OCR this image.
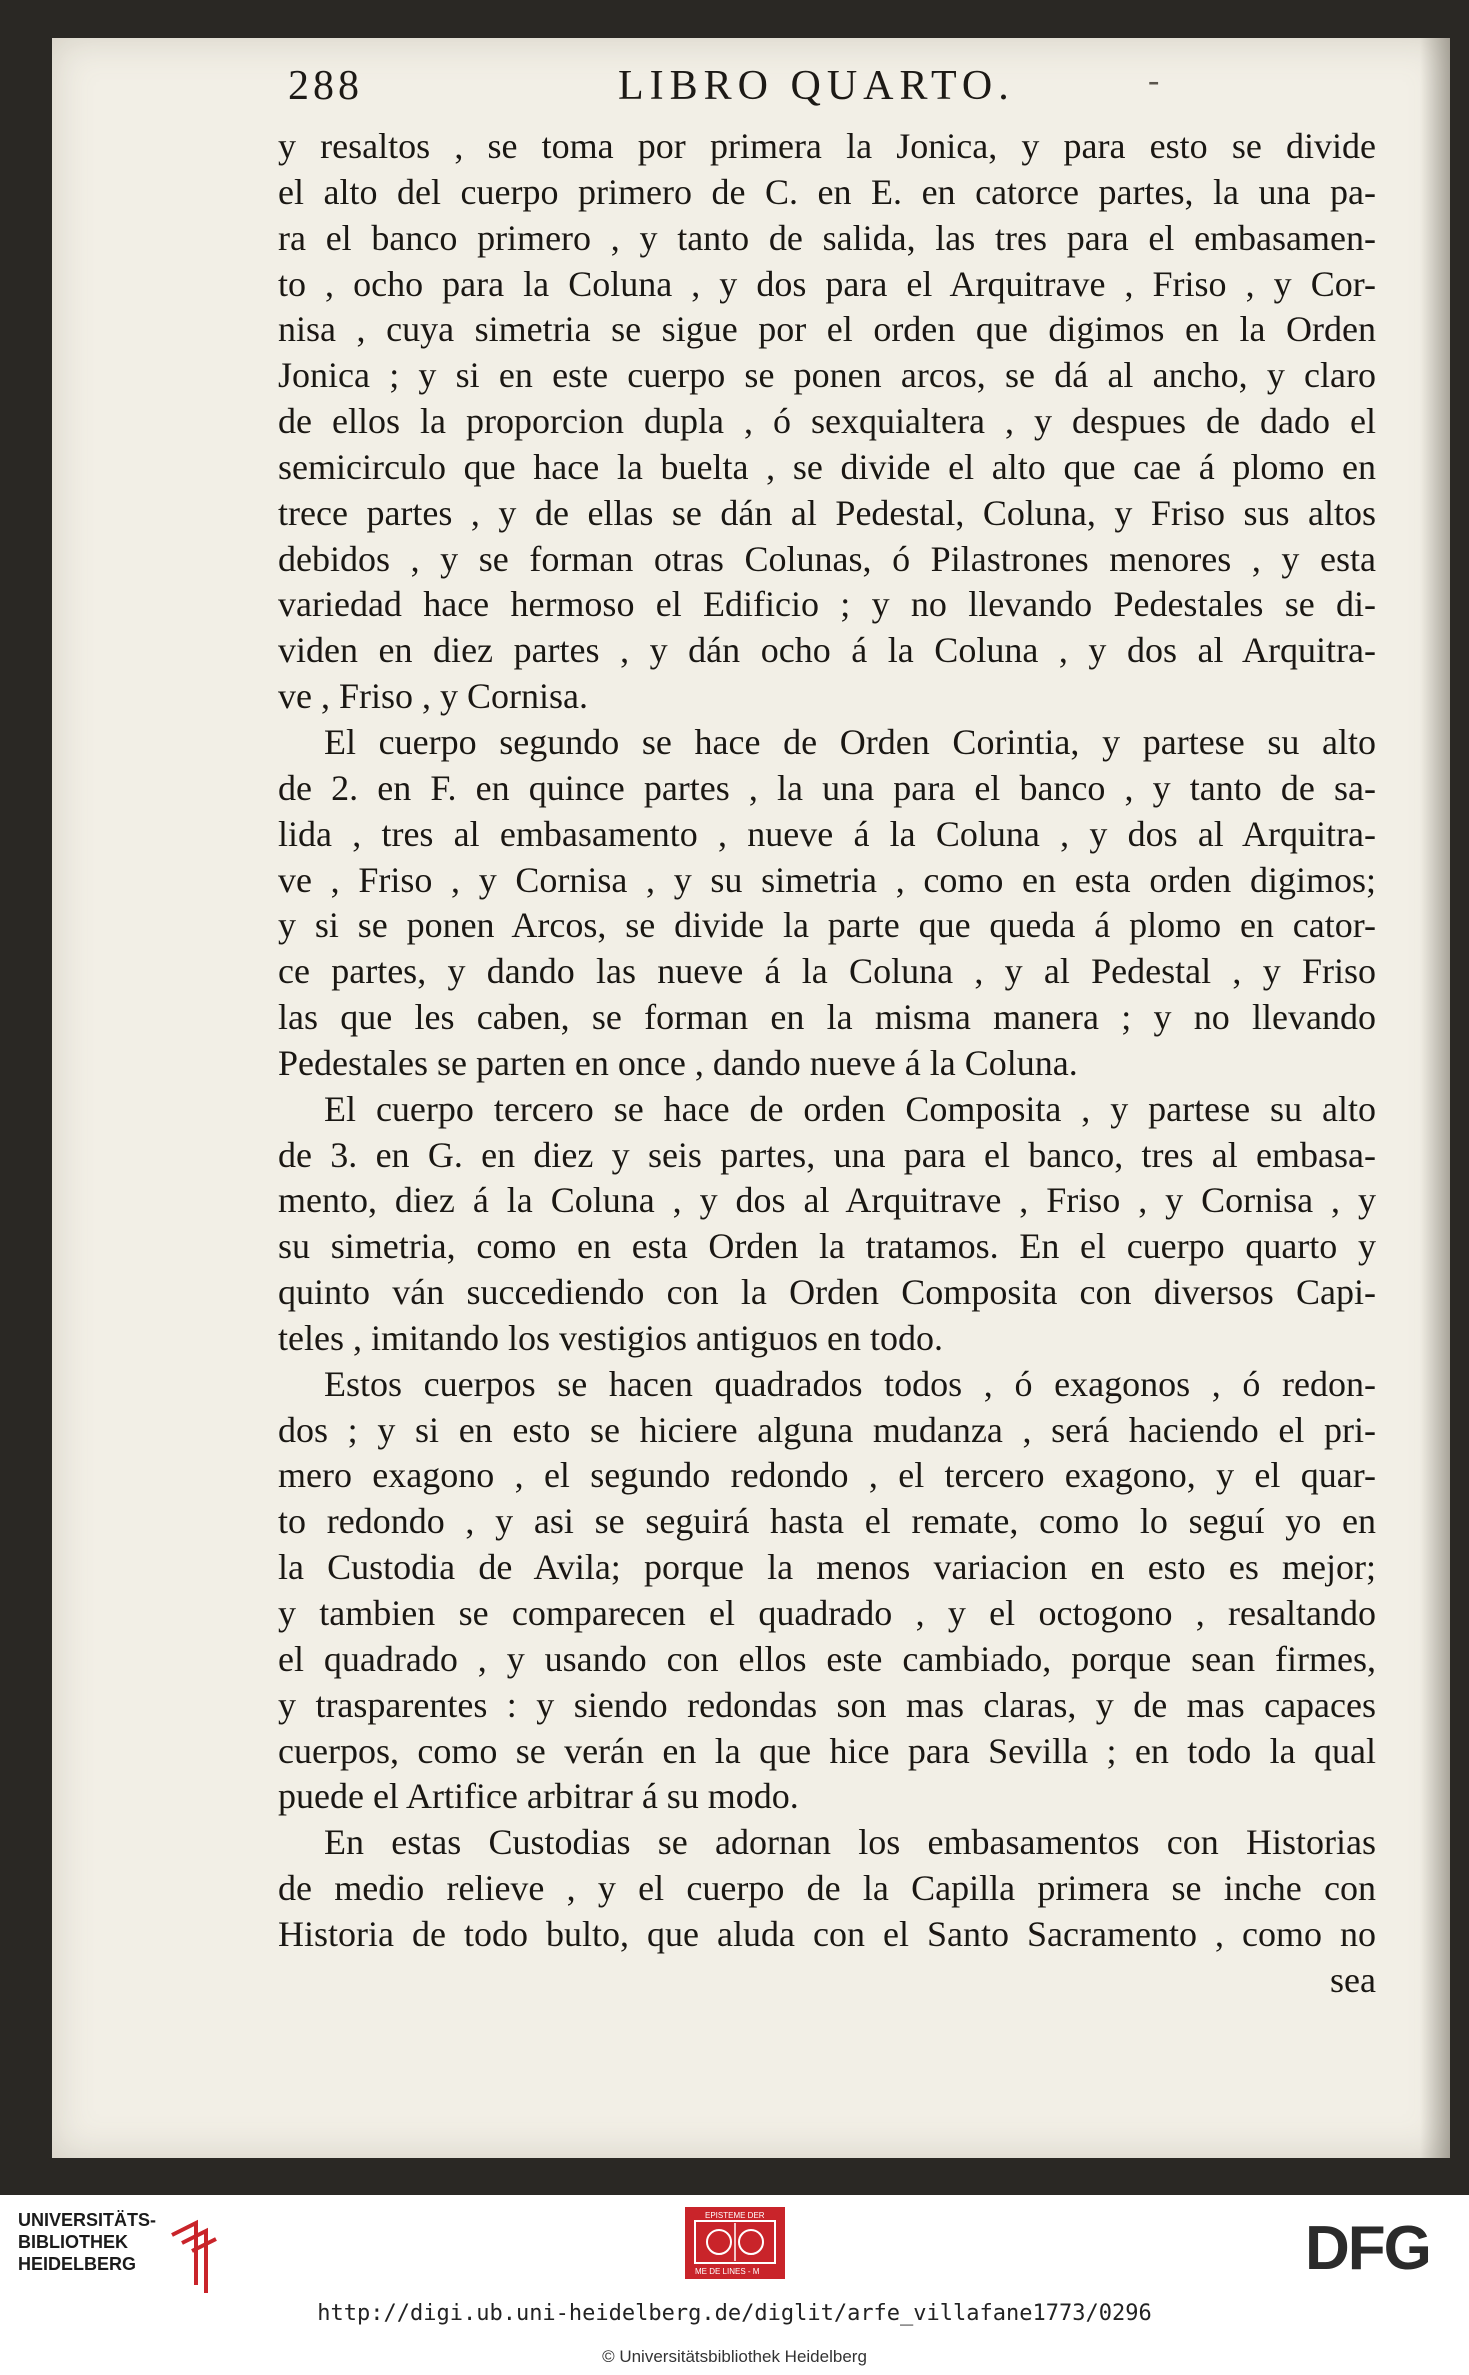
288	LIBRO QUARTO.	-
y resaltos , se toma por primera la Jonica, y para esto se divide
el alto del cuerpo primero de C. en E. en catorce partes, la una pa-
ra el banco primero , y tanto de salida, las tres para el embasamen-
to , ocho para la Coluna , y dos para el Arquitrave , Friso , y Cor-
nisa , cuya simetria se sigue por el orden que digimos en la Orden
Jonica ; y si en este cuerpo se ponen arcos, se dá al ancho, y claro
de ellos la proporcion dupla , ó sexquialtera , y despues de dado el
semicirculo que hace la buelta , se divide el alto que cae á plomo en
trece partes , y de ellas se dán al Pedestal, Coluna, y Friso sus altos
debidos , y se forman otras Colunas, ó Pilastrones menores , y esta
variedad hace hermoso el Edificio ; y no llevando Pedestales se di-
viden en diez partes , y dán ocho á la Coluna , y dos al Arquitra-
ve , Friso , y Cornisa.
El cuerpo segundo se hace de Orden Corintia, y partese su alto
de 2. en F. en quince partes , la una para el banco , y tanto de sa-
lida , tres al embasamento , nueve á la Coluna , y dos al Arquitra-
ve , Friso , y Cornisa , y su simetria , como en esta orden digimos;
y si se ponen Arcos, se divide la parte que queda á plomo en cator-
ce partes, y dando las nueve á la Coluna , y al Pedestal , y Friso
las que les caben, se forman en la misma manera ; y no llevando
Pedestales se parten en once , dando nueve á la Coluna.
El cuerpo tercero se hace de orden Composita , y partese su alto
de 3. en G. en diez y seis partes, una para el banco, tres al embasa-
mento, diez á la Coluna , y dos al Arquitrave , Friso , y Cornisa , y
su simetria, como en esta Orden la tratamos. En el cuerpo quarto y
quinto ván succediendo con la Orden Composita con diversos Capi-
teles , imitando los vestigios antiguos en todo.
Estos cuerpos se hacen quadrados todos , ó exagonos , ó redon-
dos ; y si en esto se hiciere alguna mudanza , será haciendo el pri-
mero exagono , el segundo redondo , el tercero exagono, y el quar-
to redondo , y asi se seguirá hasta el remate, como lo seguí yo en
la Custodia de Avila; porque la menos variacion en esto es mejor;
y tambien se comparecen el quadrado , y el octogono , resaltando
el quadrado , y usando con ellos este cambiado, porque sean firmes,
y trasparentes : y siendo redondas son mas claras, y de mas capaces
cuerpos, como se verán en la que hice para Sevilla ; en todo la qual
puede el Artifice arbitrar á su modo.
En estas Custodias se adornan los embasamentos con Historias
de medio relieve , y el cuerpo de la Capilla primera se inche con
Historia de todo bulto, que aluda con el Santo Sacramento , como no
sea
UNIVERSITÄTS-
BIBLIOTHEK
HEIDELBERG
EPISTEME DER
ME DE LINES - M	DFG
http://digi.ub.uni-heidelberg.de/diglit/arfe_villafane1773/0296
© Universitätsbibliothek Heidelberg
